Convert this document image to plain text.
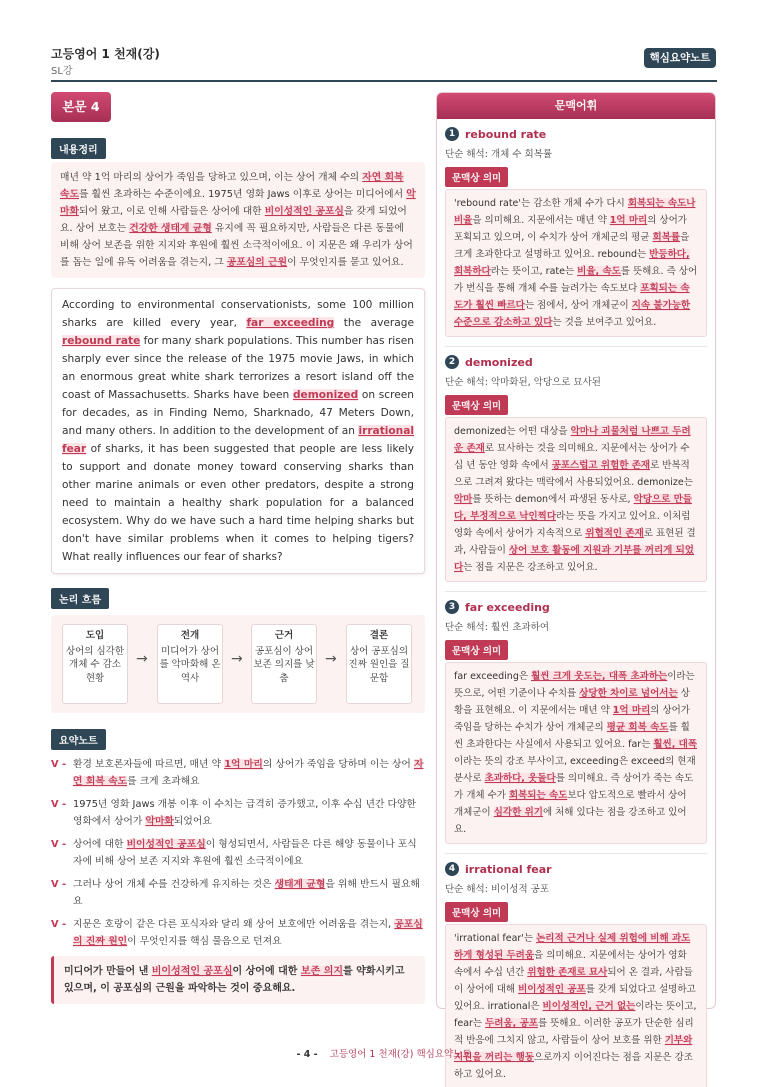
고등영어 1 천재(강)
SL강
핵심요약노트
본문 4
내용정리

매년 약 1억 마리의 상어가 죽임을 당하고 있으며, 이는 상어 개체 수의 자연 회복 속도를 훨씬 초과하는 수준이에요. 1975년 영화 Jaws 이후로 상어는 미디어에서 악마화되어 왔고, 이로 인해 사람들은 상어에 대한 비이성적인 공포심을 갖게 되었어요. 상어 보호는 건강한 생태계 균형 유지에 꼭 필요하지만, 사람들은 다른 동물에 비해 상어 보존을 위한 지지와 후원에 훨씬 소극적이에요. 이 지문은 왜 우리가 상어를 돕는 일에 유독 어려움을 겪는지, 그 공포심의 근원이 무엇인지를 묻고 있어요.

According to environmental conservationists, some 100 million sharks are killed every year, far exceeding the average rebound rate for many shark populations. This number has risen sharply ever since the release of the 1975 movie Jaws, in which an enormous great white shark terrorizes a resort island off the coast of Massachusetts. Sharks have been demonized on screen for decades, as in Finding Nemo, Sharknado, 47 Meters Down, and many others. In addition to the development of an irrational fear of sharks, it has been suggested that people are less likely to support and donate money toward conserving sharks than other marine animals or even other predators, despite a strong need to maintain a healthy shark population for a balanced ecosystem. Why do we have such a hard time helping sharks but don't have similar problems when it comes to helping tigers? What really influences our fear of sharks?

논리 흐름
도입
상어의 심각한 개체 수 감소 현황
→
전개
미디어가 상어를 악마화해 온 역사
→
근거
공포심이 상어 보존 의지를 낮춤
→
결론
상어 공포심의 진짜 원인을 질문함
요약노트
V - 환경 보호론자들에 따르면, 매년 약 1억 마리의 상어가 죽임을 당하며 이는 상어 자연 회복 속도를 크게 초과해요
V - 1975년 영화 Jaws 개봉 이후 이 수치는 급격히 증가했고, 이후 수십 년간 다양한 영화에서 상어가 악마화되었어요
V - 상어에 대한 비이성적인 공포심이 형성되면서, 사람들은 다른 해양 동물이나 포식자에 비해 상어 보존 지지와 후원에 훨씬 소극적이에요
V - 그러나 상어 개체 수를 건강하게 유지하는 것은 생태계 균형을 위해 반드시 필요해요
V - 지문은 호랑이 같은 다른 포식자와 달리 왜 상어 보호에만 어려움을 겪는지, 공포심의 진짜 원인이 무엇인지를 핵심 물음으로 던져요
미디어가 만들어 낸 비이성적인 공포심이 상어에 대한 보존 의지를 약화시키고 있으며, 이 공포심의 근원을 파악하는 것이 중요해요.
문맥어휘
1 rebound rate
단순 해석: 개체 수 회복률
문맥상 의미
'rebound rate'는 감소한 개체 수가 다시 회복되는 속도나 비율을 의미해요. 지문에서는 매년 약 1억 마리의 상어가 포획되고 있으며, 이 수치가 상어 개체군의 평균 회복률을 크게 초과한다고 설명하고 있어요. rebound는 반등하다, 회복하다라는 뜻이고, rate는 비율, 속도를 뜻해요. 즉 상어가 번식을 통해 개체 수를 늘려가는 속도보다 포획되는 속도가 훨씬 빠르다는 점에서, 상어 개체군이 지속 불가능한 수준으로 감소하고 있다는 것을 보여주고 있어요.
2 demonized
단순 해석: 악마화된, 악당으로 묘사된
문맥상 의미
demonized는 어떤 대상을 악마나 괴물처럼 나쁘고 두려운 존재로 묘사하는 것을 의미해요. 지문에서는 상어가 수십 년 동안 영화 속에서 공포스럽고 위험한 존재로 반복적으로 그려져 왔다는 맥락에서 사용되었어요. demonize는 악마를 뜻하는 demon에서 파생된 동사로, 악당으로 만들다, 부정적으로 낙인찍다라는 뜻을 가지고 있어요. 이처럼 영화 속에서 상어가 지속적으로 위협적인 존재로 표현된 결과, 사람들이 상어 보호 활동에 지원과 기부를 꺼리게 되었다는 점을 지문은 강조하고 있어요.
3 far exceeding
단순 해석: 훨씬 초과하여
문맥상 의미
far exceeding은 훨씬 크게 웃도는, 대폭 초과하는이라는 뜻으로, 어떤 기준이나 수치를 상당한 차이로 넘어서는 상황을 표현해요. 이 지문에서는 매년 약 1억 마리의 상어가 죽임을 당하는 수치가 상어 개체군의 평균 회복 속도를 훨씬 초과한다는 사실에서 사용되고 있어요. far는 훨씬, 대폭이라는 뜻의 강조 부사이고, exceeding은 exceed의 현재분사로 초과하다, 웃돌다를 의미해요. 즉 상어가 죽는 속도가 개체 수가 회복되는 속도보다 압도적으로 빨라서 상어 개체군이 심각한 위기에 처해 있다는 점을 강조하고 있어요.
4 irrational fear
단순 해석: 비이성적 공포
문맥상 의미
'irrational fear'는 논리적 근거나 실제 위험에 비해 과도하게 형성된 두려움을 의미해요. 지문에서는 상어가 영화 속에서 수십 년간 위험한 존재로 묘사되어 온 결과, 사람들이 상어에 대해 비이성적인 공포를 갖게 되었다고 설명하고 있어요. irrational은 비이성적인, 근거 없는이라는 뜻이고, fear는 두려움, 공포를 뜻해요. 이러한 공포가 단순한 심리적 반응에 그치지 않고, 사람들이 상어 보호를 위한 기부와 지원을 꺼리는 행동으로까지 이어진다는 점을 지문은 강조하고 있어요.
- 4 - 고등영어 1 천재(강) 핵심요약노트
